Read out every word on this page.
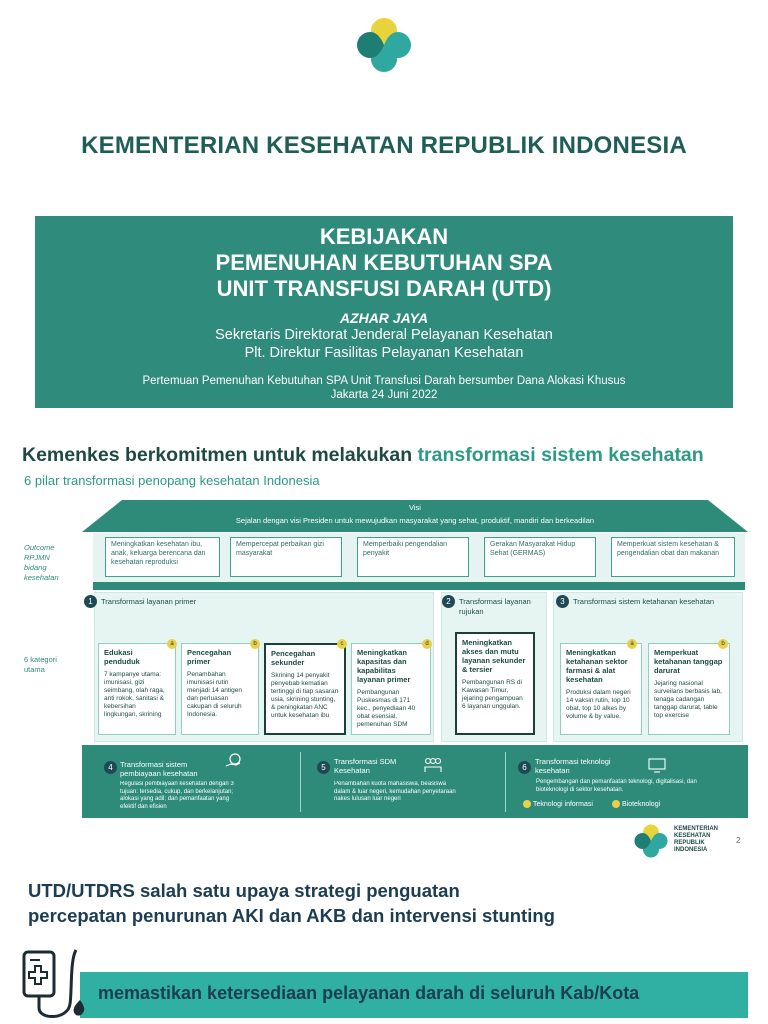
KEMENTERIAN KESEHATAN REPUBLIK INDONESIA
KEBIJAKAN
PEMENUHAN KEBUTUHAN SPA
UNIT TRANSFUSI DARAH (UTD)
AZHAR JAYA
Sekretaris Direktorat Jenderal Pelayanan Kesehatan
Plt. Direktur Fasilitas Pelayanan Kesehatan
Pertemuan Pemenuhan Kebutuhan SPA Unit Transfusi Darah bersumber Dana Alokasi Khusus
Jakarta 24 Juni 2022
Kemenkes berkomitmen untuk melakukan transformasi sistem kesehatan
6 pilar transformasi penopang kesehatan Indonesia
Visi
Sejalan dengan visi Presiden untuk mewujudkan masyarakat yang sehat, produktif, mandiri dan berkeadilan
Outcome RPJMN bidang kesehatan
6 kategori utama
Meningkatkan kesehatan ibu, anak, keluarga berencana dan kesehatan reproduksi
Mempercepat perbaikan gizi masyarakat
Memperbaiki pengendalian penyakit
Gerakan Masyarakat Hidup Sehat (GERMAS)
Memperkuat sistem kesehatan & pengendalian obat dan makanan
1	Transformasi layanan primer	2	Transformasi layanan rujukan
3	Transformasi sistem ketahanan kesehatan
Edukasi penduduk
7 kampanye utama: imunisasi, gizi seimbang, olah raga, anti rokok, sanitasi & kebersihan lingkungan, skrining
a
Pencegahan primer
Penambahan imunisasi rutin menjadi 14 antigen dan perluasan cakupan di seluruh Indonesia.
b
Pencegahan sekunder
Skrining 14 penyakit penyebab kematian tertinggi di tiap sasaran usia, skrining stunting, & peningkatan ANC untuk kesehatan ibu
c
Meningkatkan kapasitas dan kapabilitas layanan primer
Pembangunan Puskesmas di 171 kec., penyediaan 40 obat esensial, pemenuhan SDM
d	Meningkatkan akses dan mutu layanan sekunder & tersier
Pembangunan RS di Kawasan Timur, jejaring pengampuan 6 layanan unggulan.
Meningkatkan ketahanan sektor farmasi & alat kesehatan
Produksi dalam negeri 14 vaksin rutin, top 10 obat, top 10 alkes by volume & by value.
a
Memperkuat ketahanan tanggap darurat
Jejaring nasional surveilans berbasis lab, tenaga cadangan tanggap darurat, table top exercise
b
4 Transformasi sistem pembiayaan kesehatan
Regulasi pembiayaan kesehatan dengan 3 tujuan: tersedia, cukup, dan berkelanjutan; alokasi yang adil; dan pemanfaatan yang efektif dan efisien
5
Transformasi SDM Kesehatan
Penambahan kuota mahasiswa, beasiswa dalam & luar negeri, kemudahan penyetaraan nakes lulusan luar negeri
6
Transformasi teknologi kesehatan
Pengembangan dan pemanfaatan teknologi, digitalisasi, dan bioteknologi di sektor kesehatan.
Teknologi informasi	Bioteknologi
KEMENTERIAN
KESEHATAN
REPUBLIK
INDONESIA
2
UTD/UTDRS salah satu upaya strategi penguatan
percepatan penurunan AKI dan AKB dan intervensi stunting
memastikan ketersediaan pelayanan darah di seluruh Kab/Kota
